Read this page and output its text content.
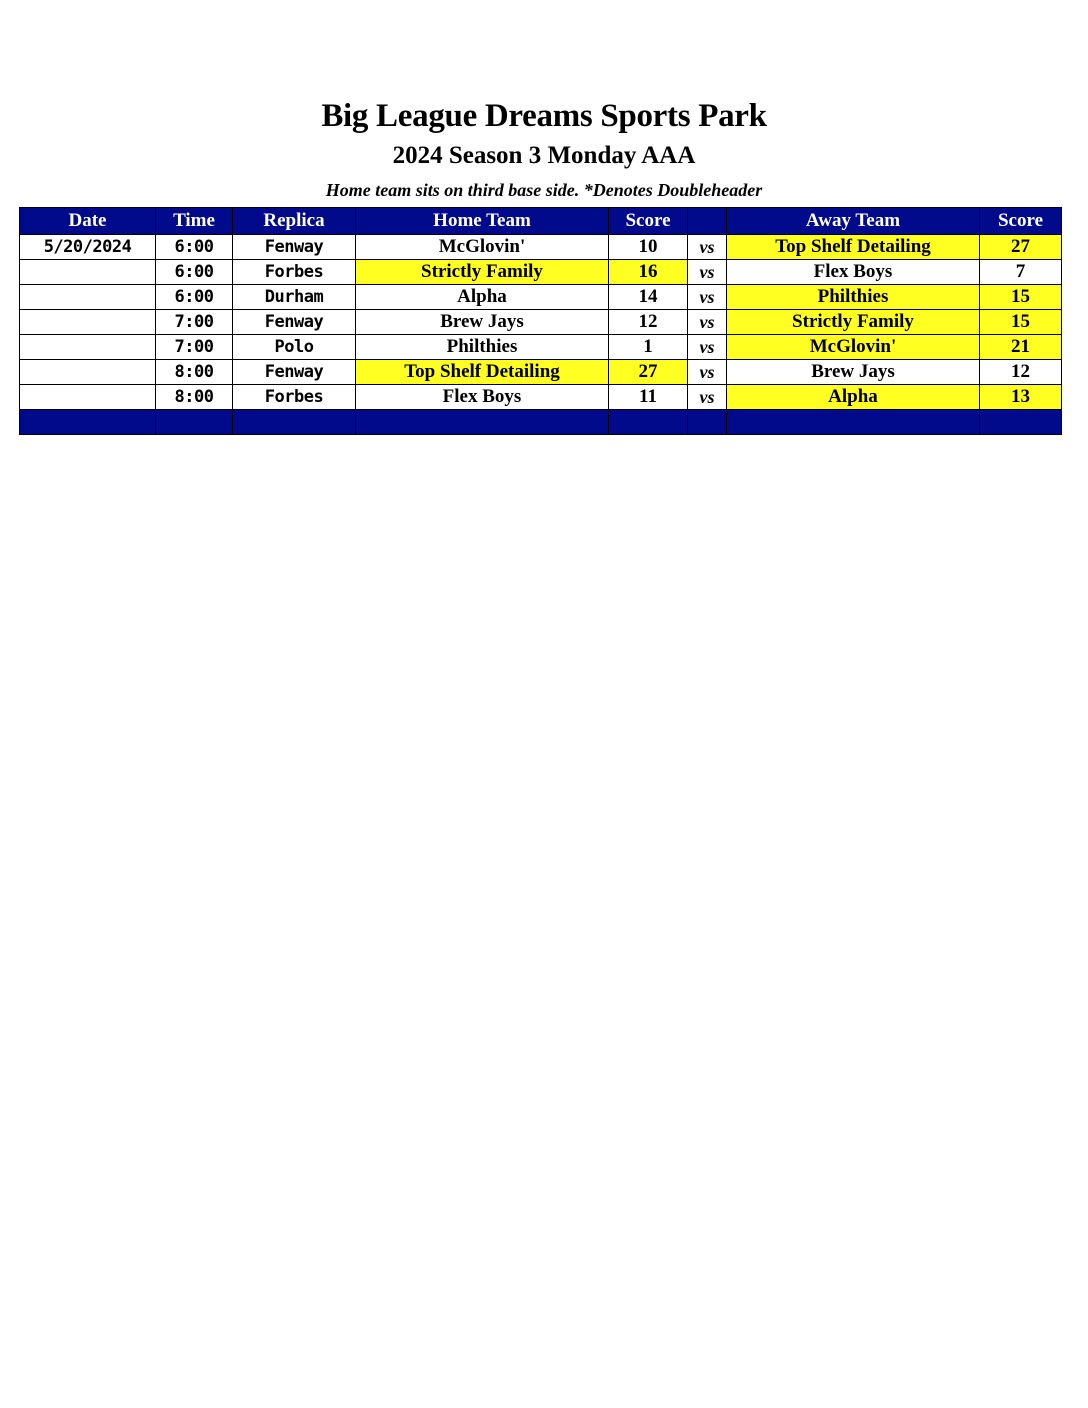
Big League Dreams Sports Park
2024 Season 3 Monday AAA
Home team sits on third base side. *Denotes Doubleheader
Date	Time	Replica	Home Team	Score		Away Team	Score
5/20/2024	6:00	Fenway	McGlovin'	10	vs	Top Shelf Detailing	27
	6:00	Forbes	Strictly Family	16	vs	Flex Boys	7
	6:00	Durham	Alpha	14	vs	Philthies	15
	7:00	Fenway	Brew Jays	12	vs	Strictly Family	15
	7:00	Polo	Philthies	1	vs	McGlovin'	21
	8:00	Fenway	Top Shelf Detailing	27	vs	Brew Jays	12
	8:00	Forbes	Flex Boys	11	vs	Alpha	13
